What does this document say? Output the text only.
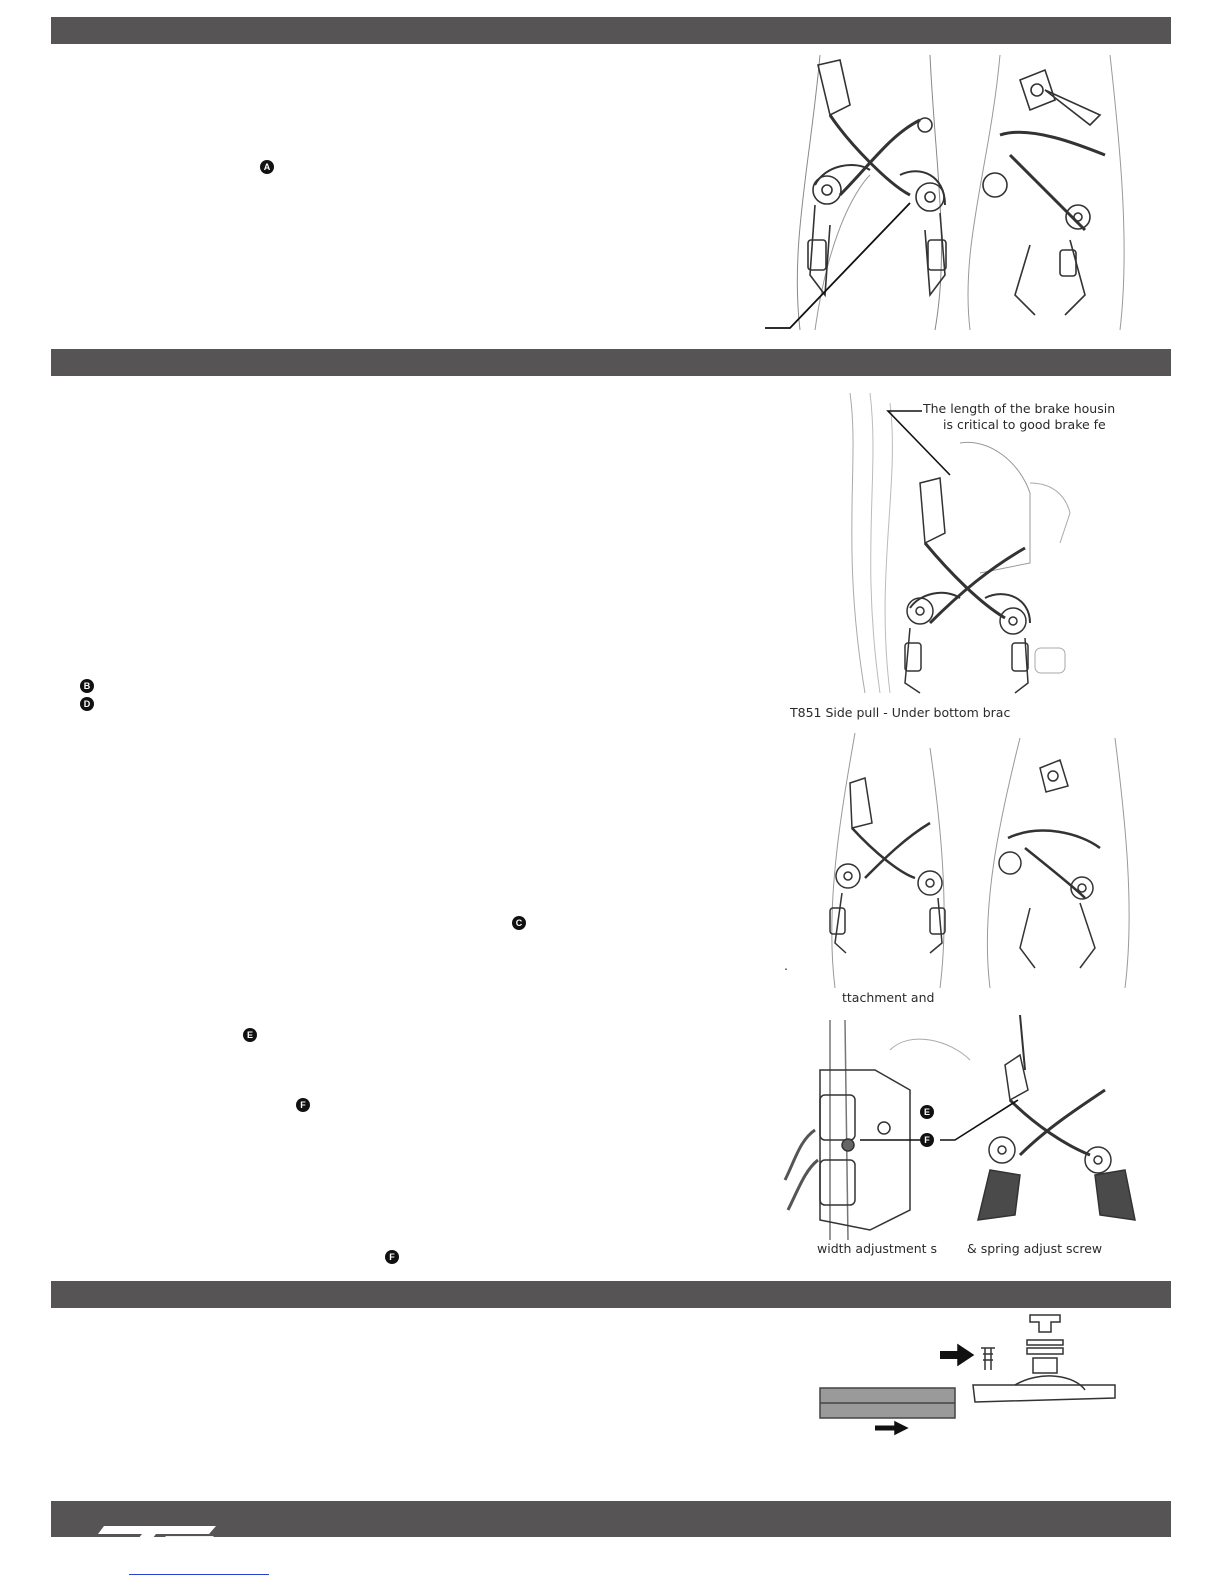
A
B
D
C
E
F
F
The length of the brake housin
is critical to good brake fe
T851 Side pull - Under bottom brac
.
ttachment and
E
F
width adjustment s & spring adjust screw
